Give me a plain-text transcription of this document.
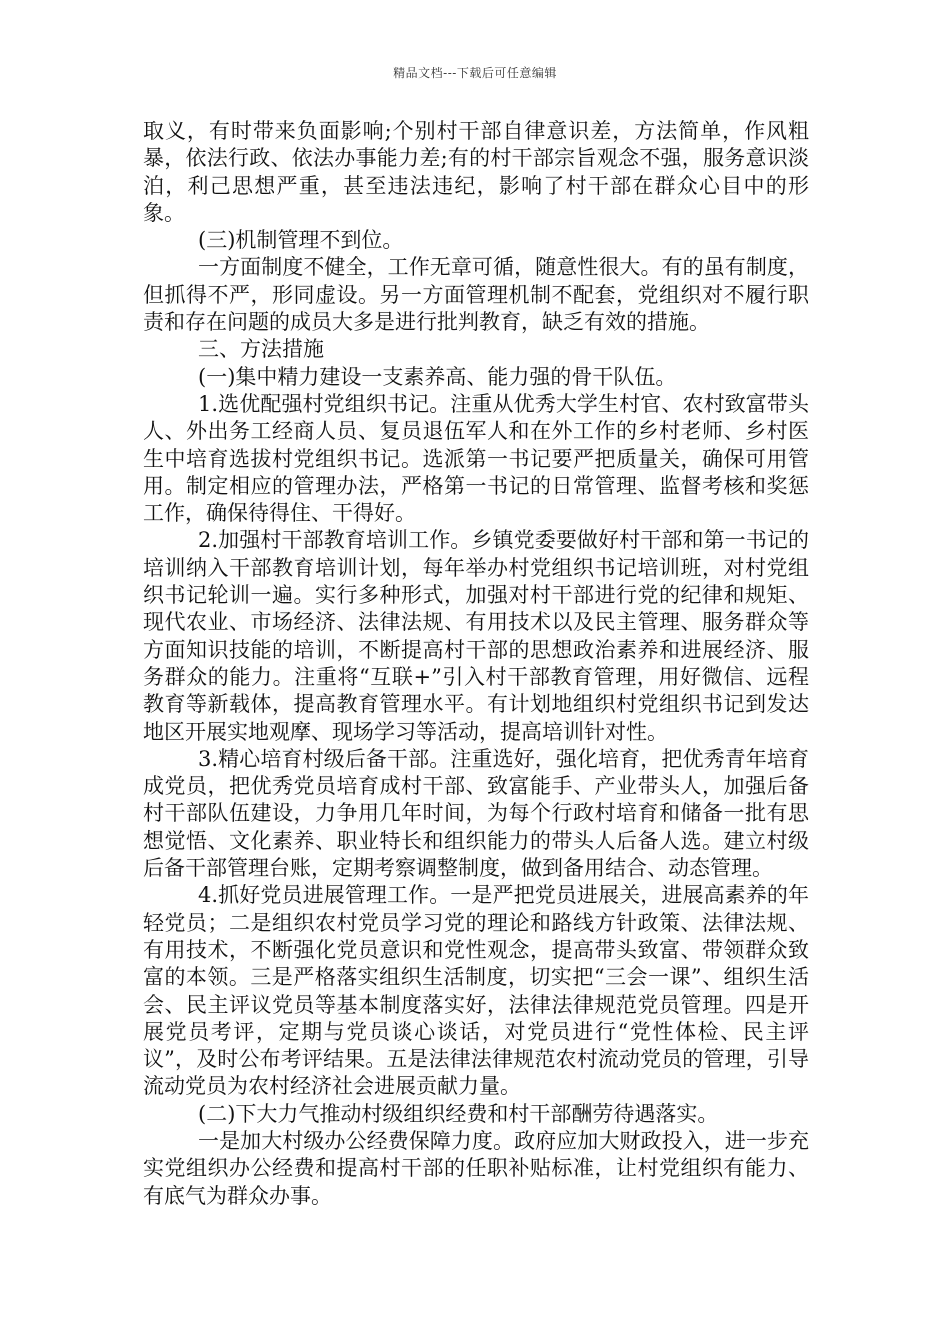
精品文档---下载后可任意编辑

取义，有时带来负面影响;个别村干部自律意识差，方法简单，作风粗暴，依法行政、依法办事能力差;有的村干部宗旨观念不强，服务意识淡泊，利己思想严重，甚至违法违纪，影响了村干部在群众心目中的形象。

(三)机制管理不到位。

一方面制度不健全，工作无章可循，随意性很大。有的虽有制度，但抓得不严，形同虚设。另一方面管理机制不配套，党组织对不履行职责和存在问题的成员大多是进行批判教育，缺乏有效的措施。

三、方法措施

(一)集中精力建设一支素养高、能力强的骨干队伍。

1.选优配强村党组织书记。注重从优秀大学生村官、农村致富带头人、外出务工经商人员、复员退伍军人和在外工作的乡村老师、乡村医生中培育选拔村党组织书记。选派第一书记要严把质量关，确保可用管用。制定相应的管理办法，严格第一书记的日常管理、监督考核和奖惩工作，确保待得住、干得好。

2.加强村干部教育培训工作。乡镇党委要做好村干部和第一书记的培训纳入干部教育培训计划，每年举办村党组织书记培训班，对村党组织书记轮训一遍。实行多种形式，加强对村干部进行党的纪律和规矩、现代农业、市场经济、法律法规、有用技术以及民主管理、服务群众等方面知识技能的培训，不断提高村干部的思想政治素养和进展经济、服务群众的能力。注重将“互联+”引入村干部教育管理，用好微信、远程教育等新载体，提高教育管理水平。有计划地组织村党组织书记到发达地区开展实地观摩、现场学习等活动，提高培训针对性。

3.精心培育村级后备干部。注重选好，强化培育，把优秀青年培育成党员，把优秀党员培育成村干部、致富能手、产业带头人，加强后备村干部队伍建设，力争用几年时间，为每个行政村培育和储备一批有思想觉悟、文化素养、职业特长和组织能力的带头人后备人选。建立村级后备干部管理台账，定期考察调整制度，做到备用结合、动态管理。

4.抓好党员进展管理工作。一是严把党员进展关，进展高素养的年轻党员；二是组织农村党员学习党的理论和路线方针政策、法律法规、有用技术，不断强化党员意识和党性观念，提高带头致富、带领群众致富的本领。三是严格落实组织生活制度，切实把“三会一课”、组织生活会、民主评议党员等基本制度落实好，法律法律规范党员管理。四是开展党员考评，定期与党员谈心谈话，对党员进行“党性体检、民主评议”，及时公布考评结果。五是法律法律规范农村流动党员的管理，引导流动党员为农村经济社会进展贡献力量。

(二)下大力气推动村级组织经费和村干部酬劳待遇落实。

一是加大村级办公经费保障力度。政府应加大财政投入，进一步充实党组织办公经费和提高村干部的任职补贴标准，让村党组织有能力、有底气为群众办事。
